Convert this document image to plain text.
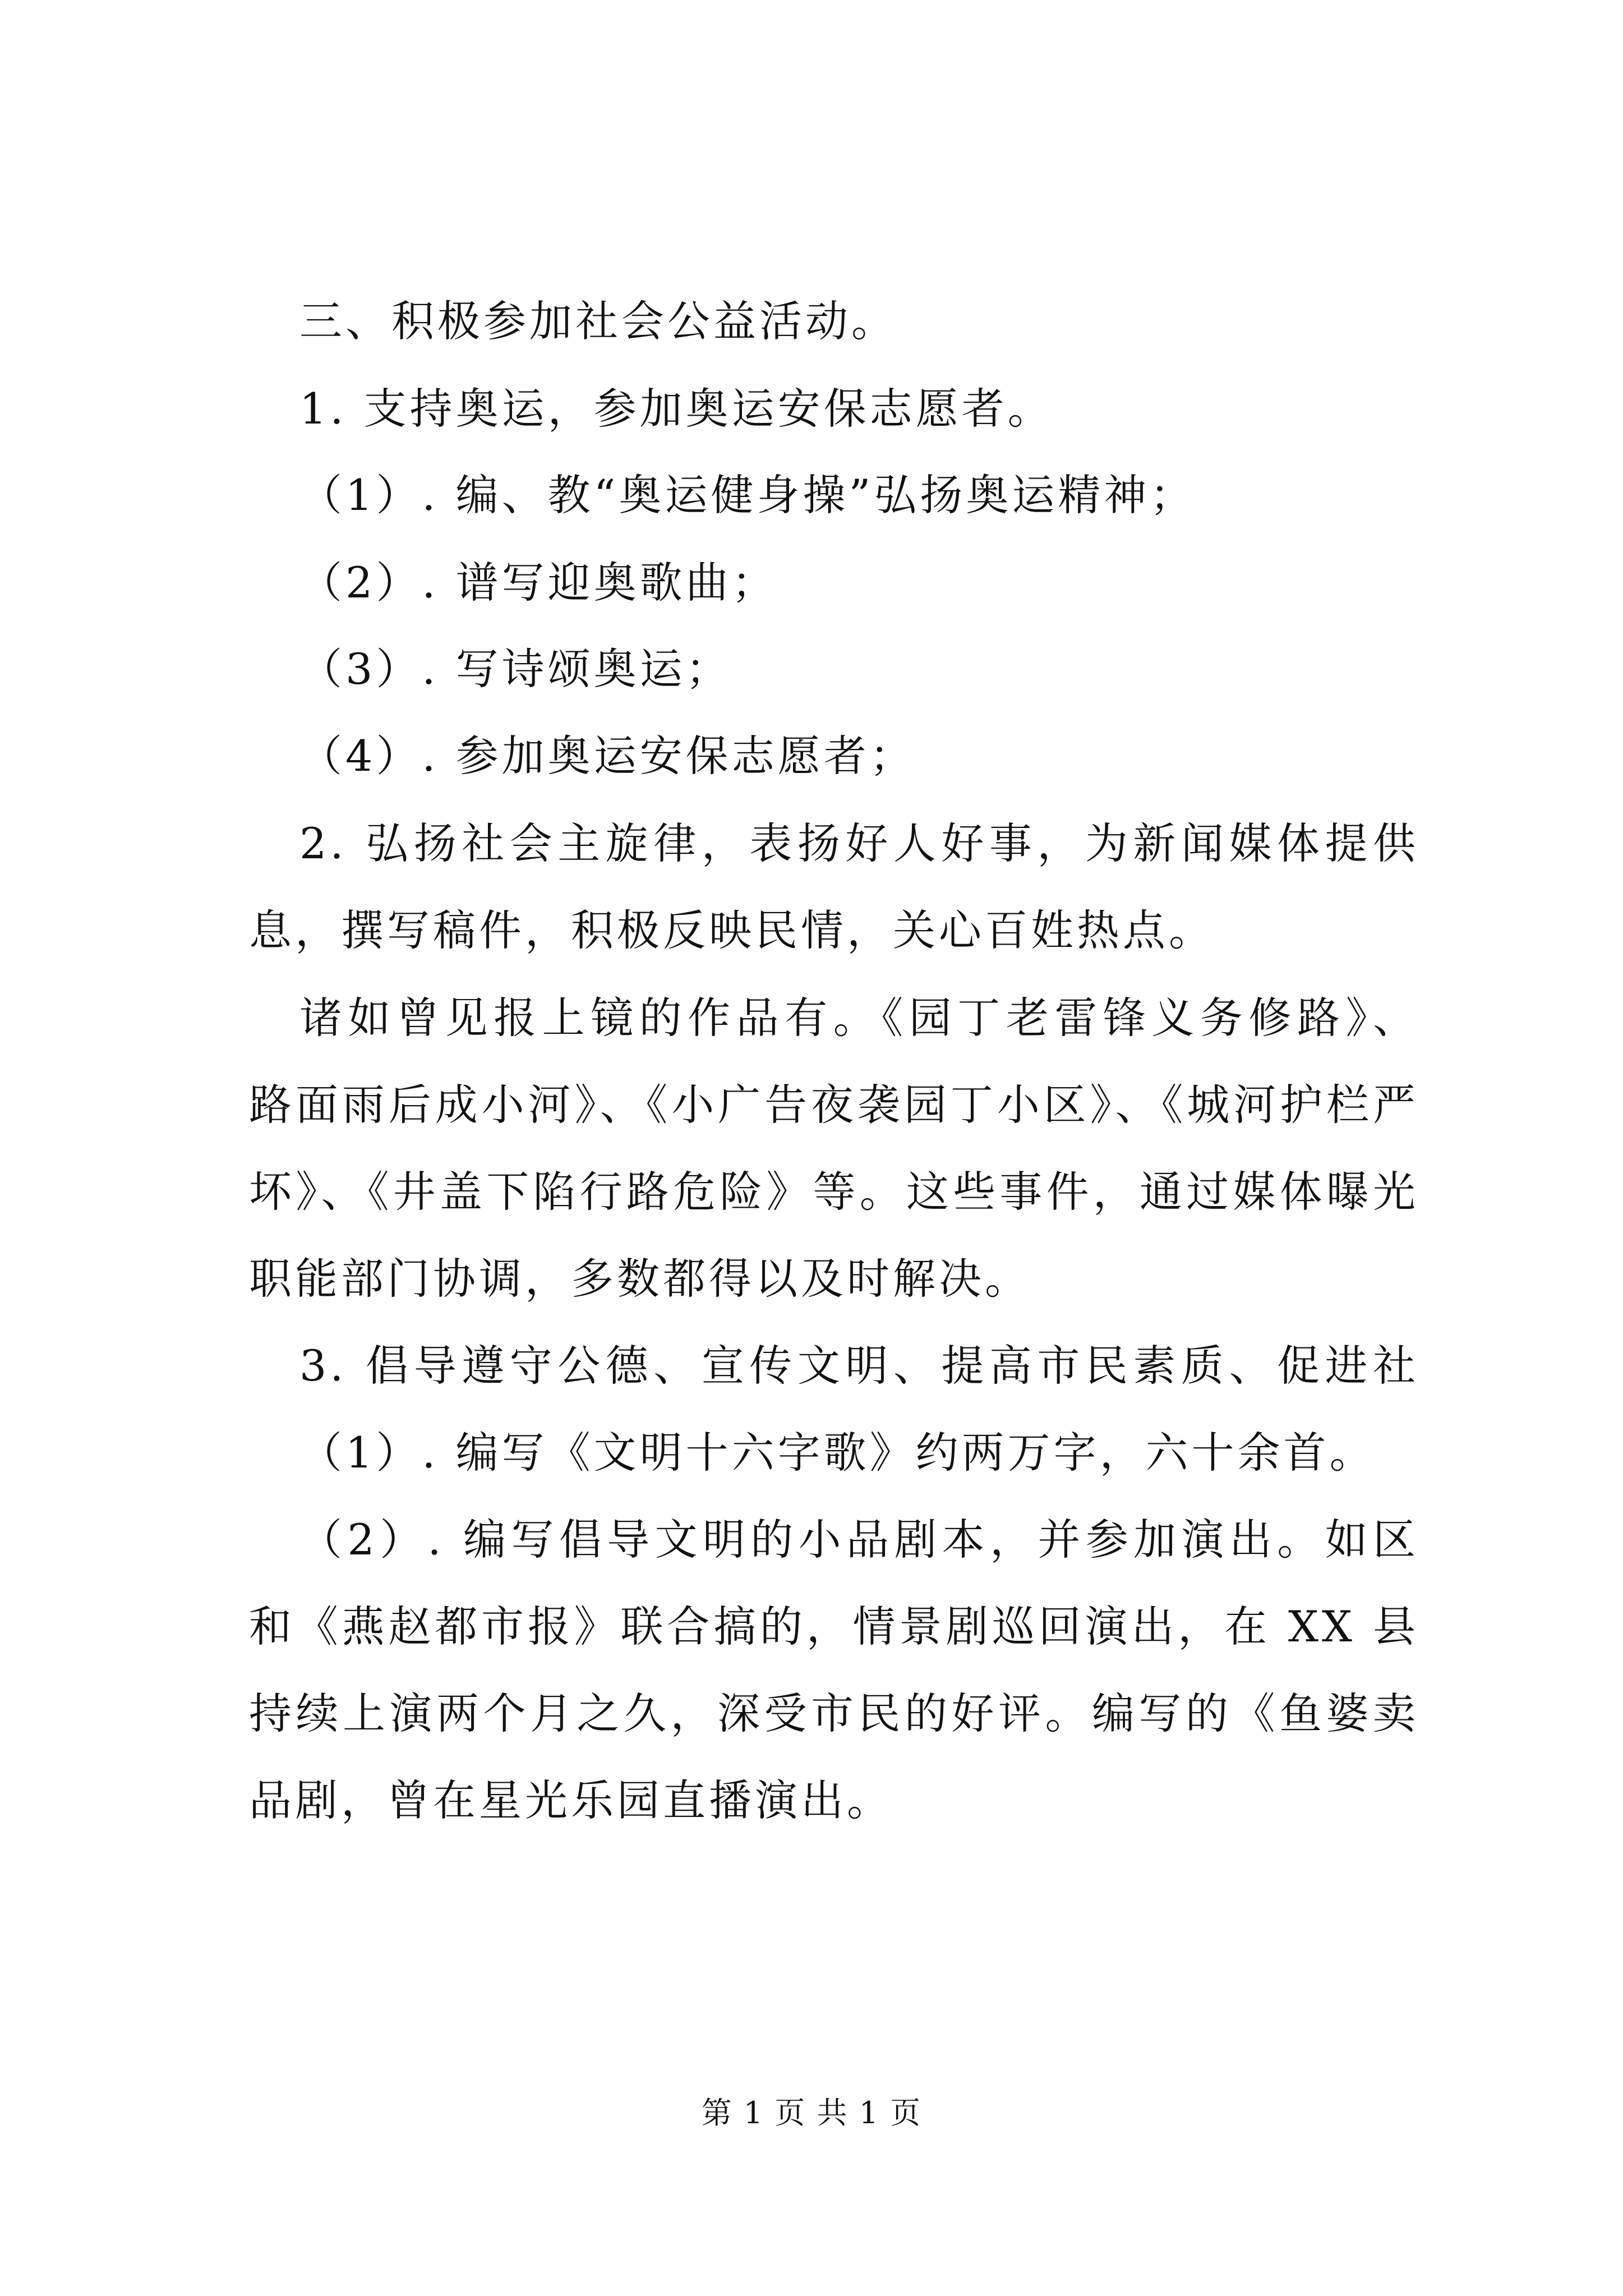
三、积极参加社会公益活动。
1. 支持奥运，参加奥运安保志愿者。
（1）. 编、教“奥运健身操”弘扬奥运精神；
（2）. 谱写迎奥歌曲；
（3）. 写诗颂奥运；
（4）. 参加奥运安保志愿者；
2. 弘扬社会主旋律，表扬好人好事，为新闻媒体提供
息，撰写稿件，积极反映民情，关心百姓热点。
诸如曾见报上镜的作品有。《园丁老雷锋义务修路》、
路面雨后成小河》、《小广告夜袭园丁小区》、《城河护栏严
坏》、《井盖下陷行路危险》等。这些事件，通过媒体曝光
职能部门协调，多数都得以及时解决。
3. 倡导遵守公德、宣传文明、提高市民素质、促进社
（1）. 编写《文明十六字歌》约两万字，六十余首。
（2）. 编写倡导文明的小品剧本，并参加演出。如区
和《燕赵都市报》联合搞的，情景剧巡回演出，在 XX 县
持续上演两个月之久，深受市民的好评。编写的《鱼婆卖
品剧，曾在星光乐园直播演出。
第 1 页 共 1 页
